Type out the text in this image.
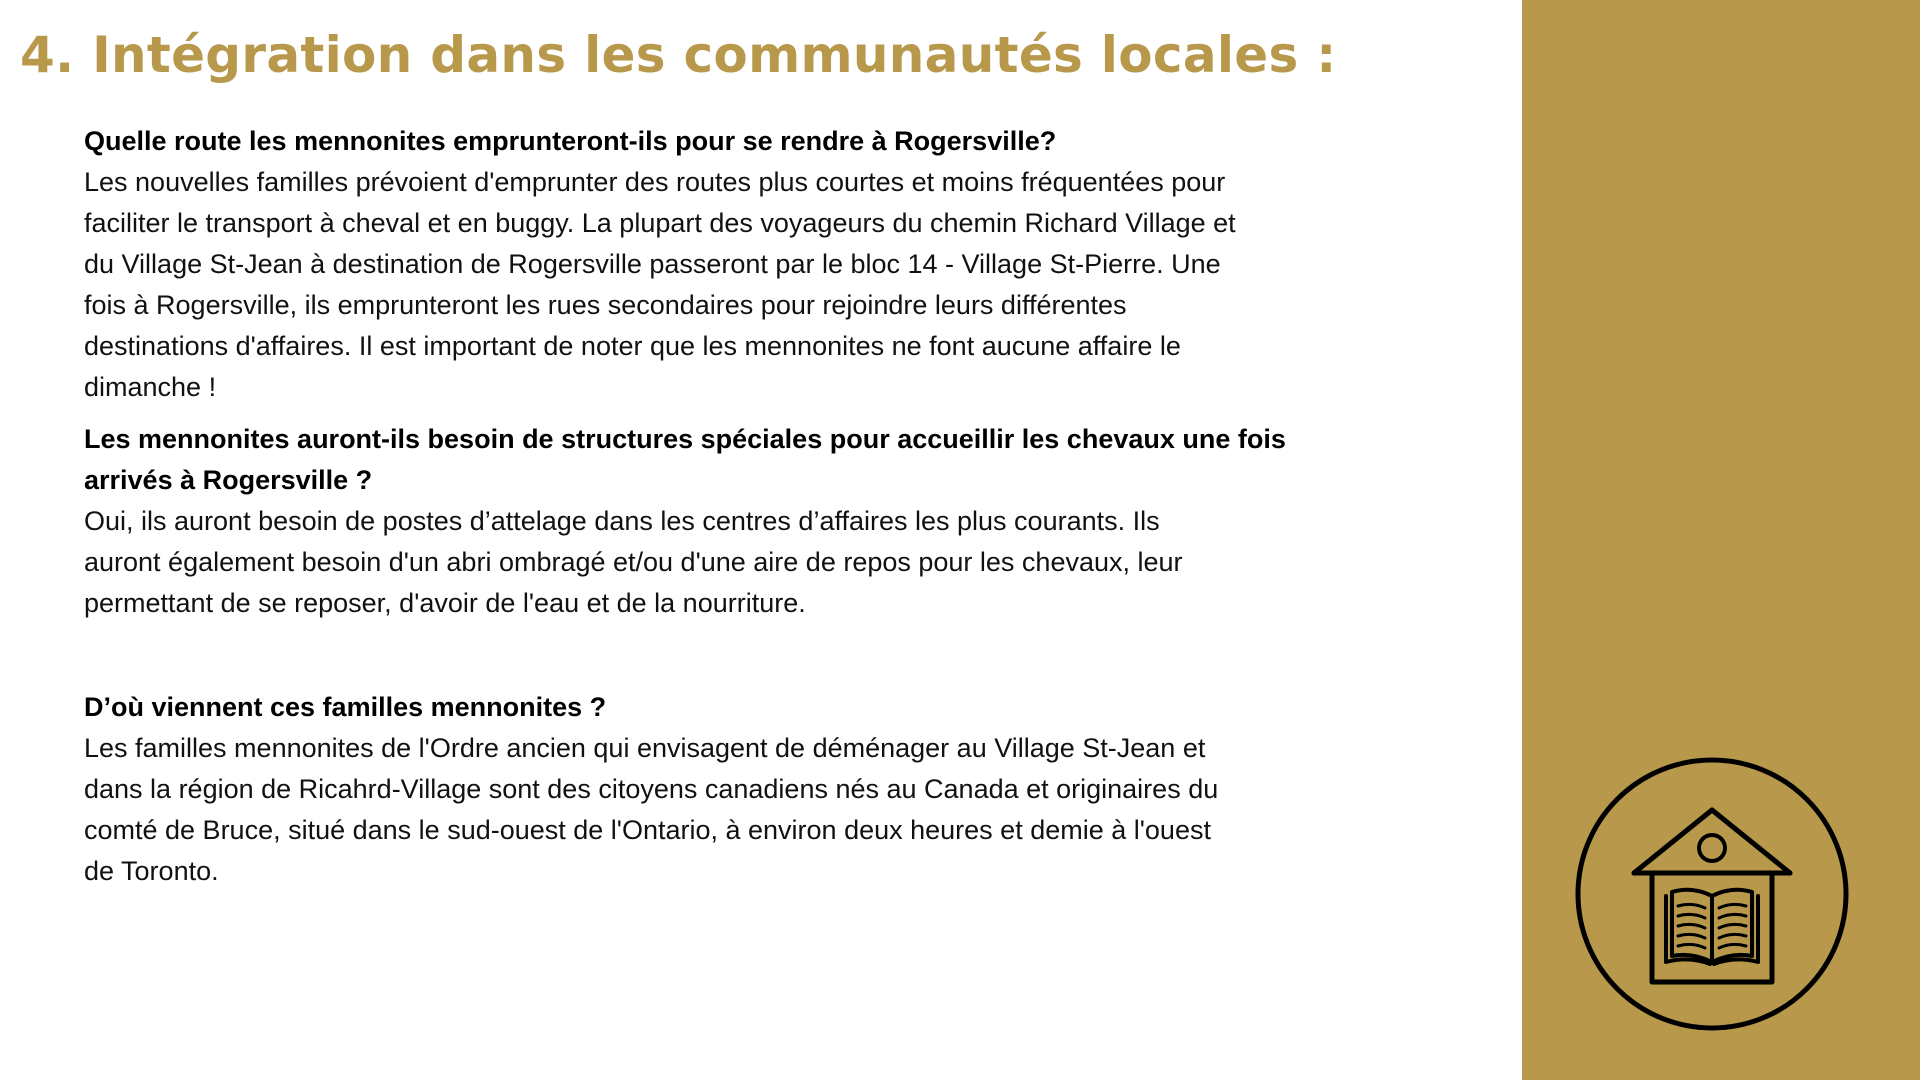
4. Intégration dans les communautés locales :

Quelle route les mennonites emprunteront-ils pour se rendre à Rogersville?

Les nouvelles familles prévoient d'emprunter des routes plus courtes et moins fréquentées pour
faciliter le transport à cheval et en buggy. La plupart des voyageurs du chemin Richard Village et
du Village St-Jean à destination de Rogersville passeront par le bloc 14 - Village St-Pierre. Une
fois à Rogersville, ils emprunteront les rues secondaires pour rejoindre leurs différentes
destinations d'affaires. Il est important de noter que les mennonites ne font aucune affaire le
dimanche !

Les mennonites auront-ils besoin de structures spéciales pour accueillir les chevaux une fois
arrivés à Rogersville ?

Oui, ils auront besoin de postes d’attelage dans les centres d’affaires les plus courants. Ils
auront également besoin d'un abri ombragé et/ou d'une aire de repos pour les chevaux, leur
permettant de se reposer, d'avoir de l'eau et de la nourriture.

D’où viennent ces familles mennonites ?

Les familles mennonites de l'Ordre ancien qui envisagent de déménager au Village St-Jean et
dans la région de Ricahrd-Village sont des citoyens canadiens nés au Canada et originaires du
comté de Bruce, situé dans le sud-ouest de l'Ontario, à environ deux heures et demie à l'ouest
de Toronto.
